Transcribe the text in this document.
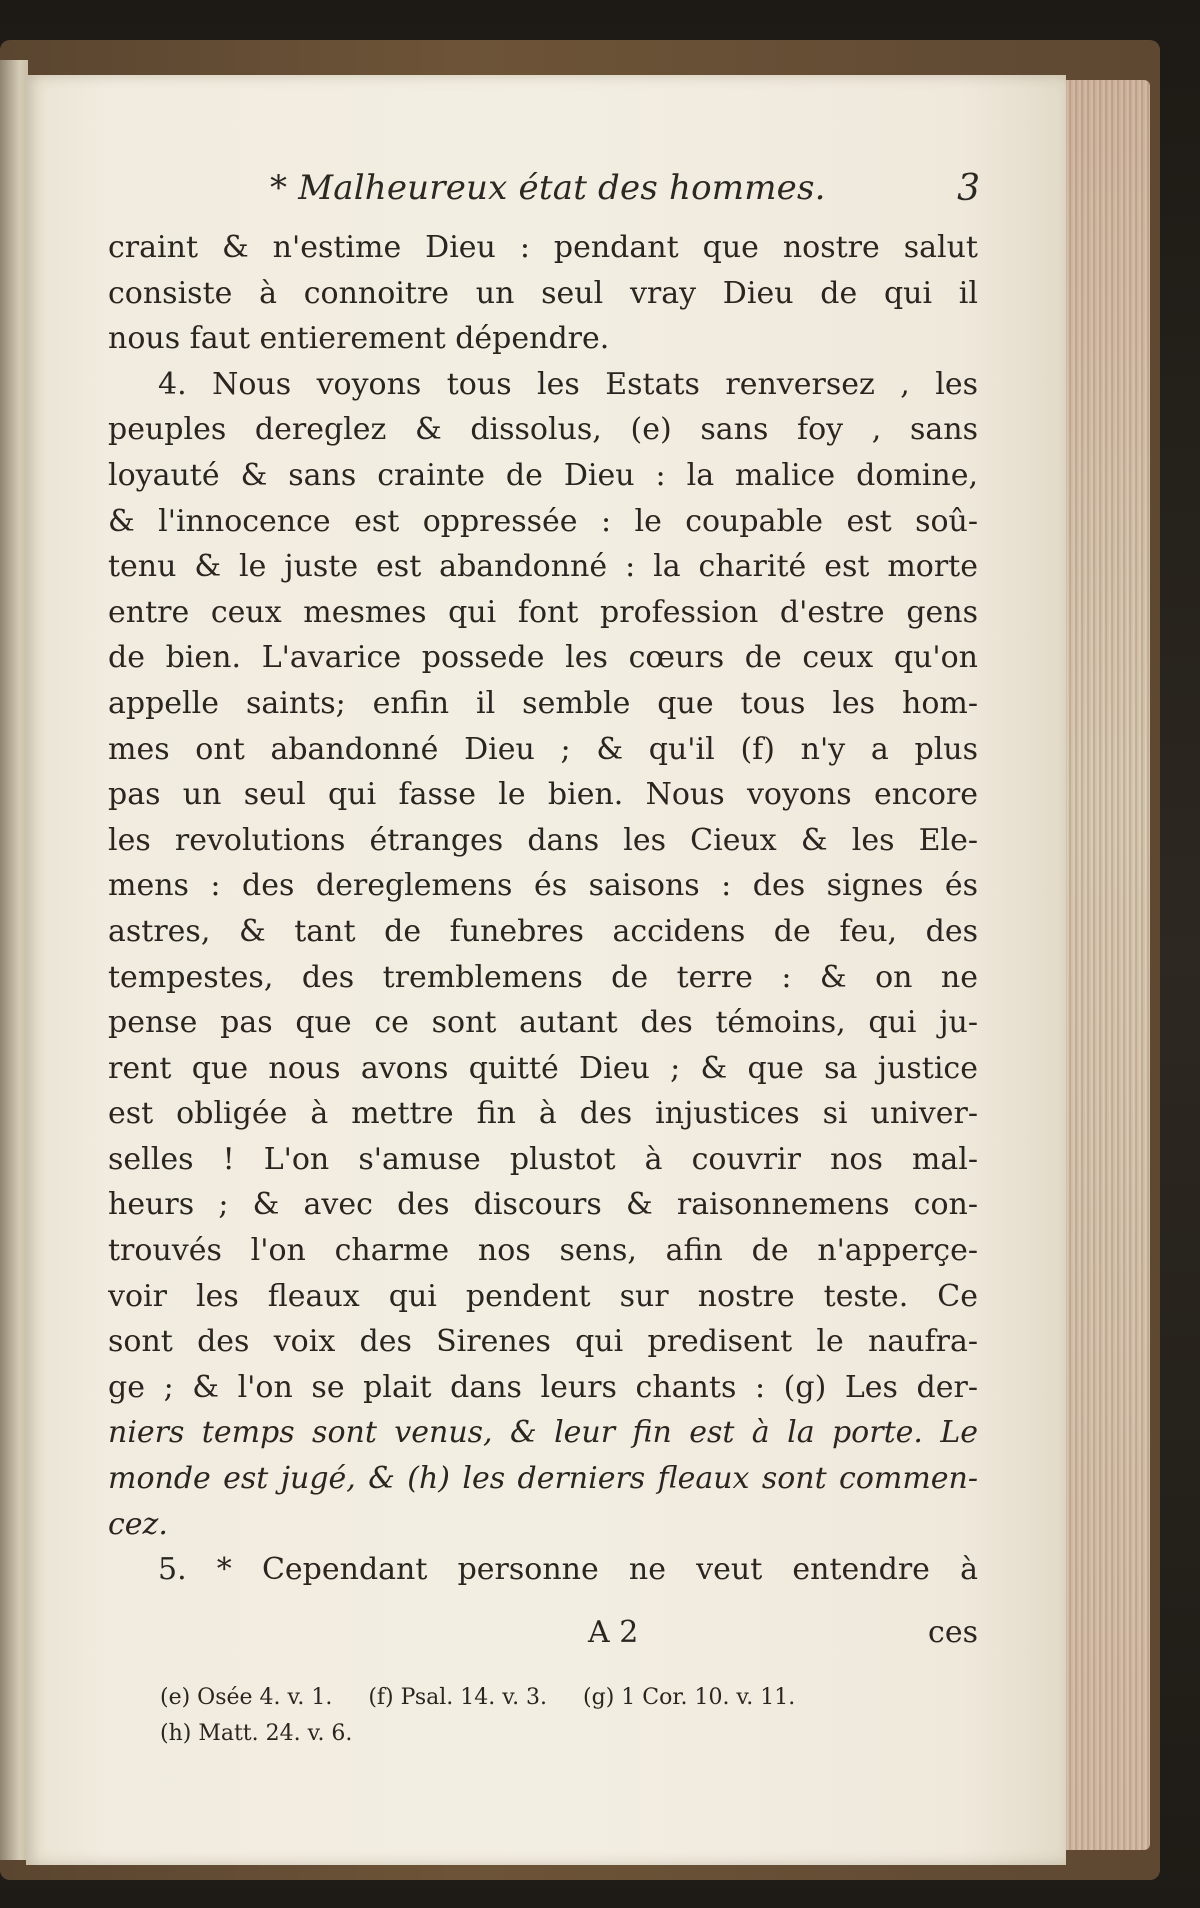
* Malheureux état des hommes.	3
craint & n'estime Dieu : pendant que nostre salut
consiste à connoitre un seul vray Dieu de qui il
nous faut entierement dépendre.
4. Nous voyons tous les Estats renversez , les
peuples dereglez & dissolus, (e) sans foy , sans
loyauté & sans crainte de Dieu : la malice domine,
& l'innocence est oppressée : le coupable est soû-
tenu & le juste est abandonné : la charité est morte
entre ceux mesmes qui font profession d'estre gens
de bien. L'avarice possede les cœurs de ceux qu'on
appelle saints; enfin il semble que tous les hom-
mes ont abandonné Dieu ; & qu'il (f) n'y a plus
pas un seul qui fasse le bien. Nous voyons encore
les revolutions étranges dans les Cieux & les Ele-
mens : des dereglemens és saisons : des signes és
astres, & tant de funebres accidens de feu, des
tempestes, des tremblemens de terre : & on ne
pense pas que ce sont autant des témoins, qui ju-
rent que nous avons quitté Dieu ; & que sa justice
est obligée à mettre fin à des injustices si univer-
selles ! L'on s'amuse plustot à couvrir nos mal-
heurs ; & avec des discours & raisonnemens con-
trouvés l'on charme nos sens, afin de n'apperçe-
voir les fleaux qui pendent sur nostre teste. Ce
sont des voix des Sirenes qui predisent le naufra-
ge ; & l'on se plait dans leurs chants : (g) Les der-
niers temps sont venus, & leur fin est à la porte. Le
monde est jugé, & (h) les derniers fleaux sont commen-
cez.
5. * Cependant personne ne veut entendre à
A 2	ces
(e) Osée 4. v. 1. (f) Psal. 14. v. 3. (g) 1 Cor. 10. v. 11.
(h) Matt. 24. v. 6.
